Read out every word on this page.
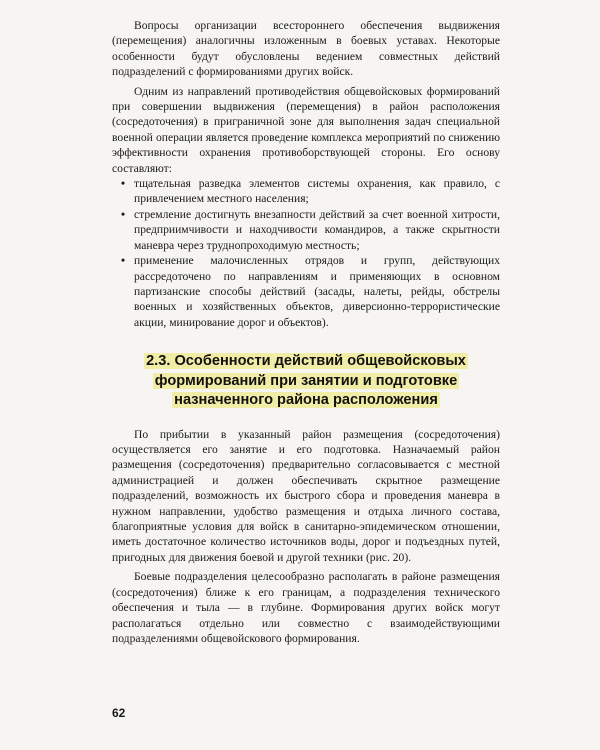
Вопросы организации всестороннего обеспечения выдвижения (перемещения) аналогичны изложенным в боевых уставах. Некоторые особенности будут обусловлены ведением совместных действий подразделений с формированиями других войск.

Одним из направлений противодействия общевойсковых формирований при совершении выдвижения (перемещения) в район расположения (сосредоточения) в приграничной зоне для выполнения задач специальной военной операции является проведение комплекса мероприятий по снижению эффективности охранения противоборствующей стороны. Его основу составляют:

• тщательная разведка элементов системы охранения, как правило, с привлечением местного населения;
• стремление достигнуть внезапности действий за счет военной хитрости, предприимчивости и находчивости командиров, а также скрытности маневра через труднопроходимую местность;
• применение малочисленных отрядов и групп, действующих рассредоточено по направлениям и применяющих в основном партизанские способы действий (засады, налеты, рейды, обстрелы военных и хозяйственных объектов, диверсионно-террористические акции, минирование дорог и объектов).
2.3. Особенности действий общевойсковых
формирований при занятии и подготовке
назначенного района расположения

По прибытии в указанный район размещения (сосредоточения) осуществляется его занятие и его подготовка. Назначаемый район размещения (сосредоточения) предварительно согласовывается с местной администрацией и должен обеспечивать скрытное размещение подразделений, возможность их быстрого сбора и проведения маневра в нужном направлении, удобство размещения и отдыха личного состава, благоприятные условия для войск в санитарно-эпидемическом отношении, иметь достаточное количество источников воды, дорог и подъездных путей, пригодных для движения боевой и другой техники (рис. 20).

Боевые подразделения целесообразно располагать в районе размещения (сосредоточения) ближе к его границам, а подразделения технического обеспечения и тыла — в глубине. Формирования других войск могут располагаться отдельно или совместно с взаимодействующими подразделениями общевойскового формирования.

62
